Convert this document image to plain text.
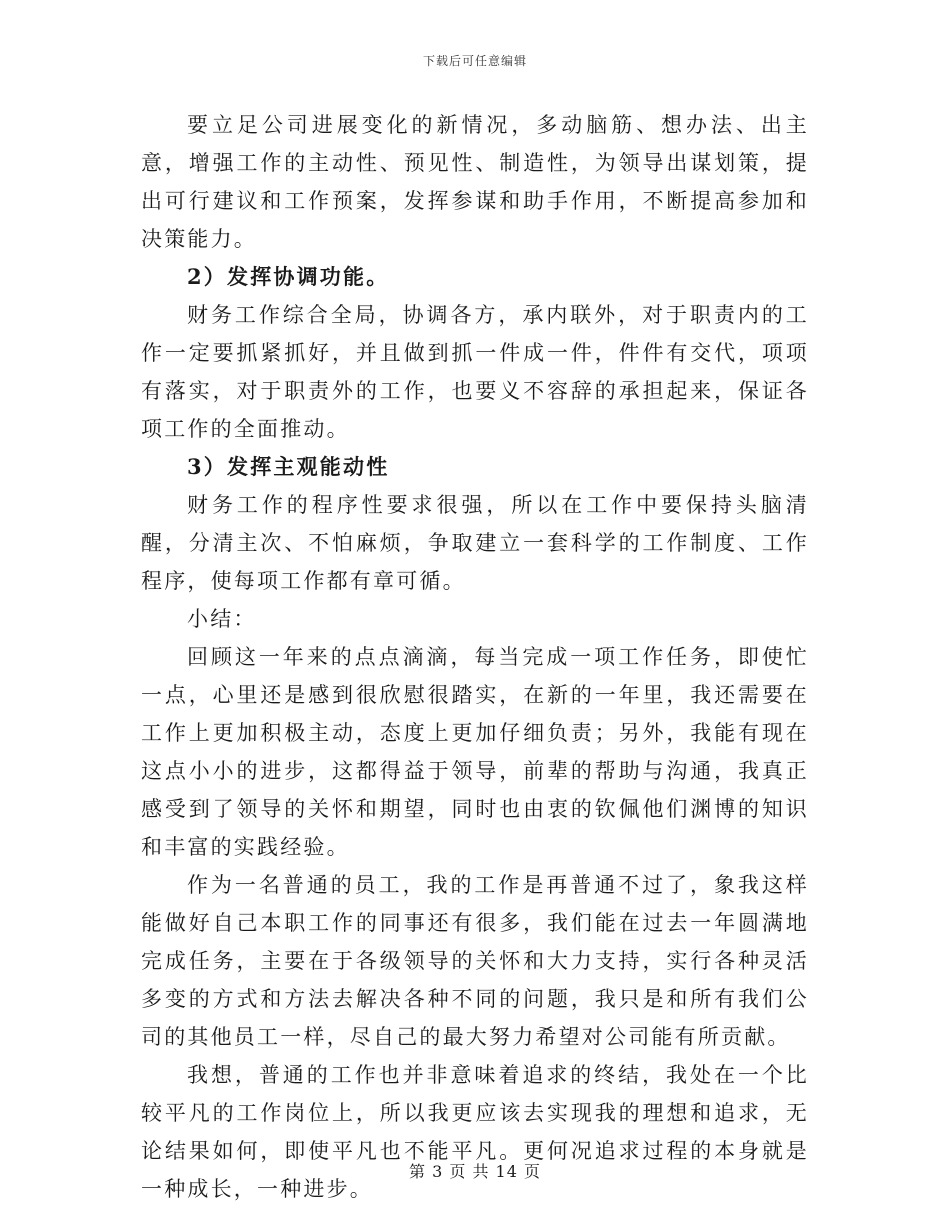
下载后可任意编辑

要立足公司进展变化的新情况，多动脑筋、想办法、出主意，增强工作的主动性、预见性、制造性，为领导出谋划策，提出可行建议和工作预案，发挥参谋和助手作用，不断提高参加和决策能力。

2）发挥协调功能。

财务工作综合全局，协调各方，承内联外，对于职责内的工作一定要抓紧抓好，并且做到抓一件成一件，件件有交代，项项有落实，对于职责外的工作，也要义不容辞的承担起来，保证各项工作的全面推动。

3）发挥主观能动性

财务工作的程序性要求很强，所以在工作中要保持头脑清醒，分清主次、不怕麻烦，争取建立一套科学的工作制度、工作程序，使每项工作都有章可循。

小结：

回顾这一年来的点点滴滴，每当完成一项工作任务，即使忙一点，心里还是感到很欣慰很踏实，在新的一年里，我还需要在工作上更加积极主动，态度上更加仔细负责；另外，我能有现在这点小小的进步，这都得益于领导，前辈的帮助与沟通，我真正感受到了领导的关怀和期望，同时也由衷的钦佩他们渊博的知识和丰富的实践经验。

作为一名普通的员工，我的工作是再普通不过了，象我这样能做好自己本职工作的同事还有很多，我们能在过去一年圆满地完成任务，主要在于各级领导的关怀和大力支持，实行各种灵活多变的方式和方法去解决各种不同的问题，我只是和所有我们公司的其他员工一样，尽自己的最大努力希望对公司能有所贡献。

我想，普通的工作也并非意味着追求的终结，我处在一个比较平凡的工作岗位上，所以我更应该去实现我的理想和追求，无论结果如何，即使平凡也不能平凡。更何况追求过程的本身就是一种成长，一种进步。

第 3 页 共 14 页
